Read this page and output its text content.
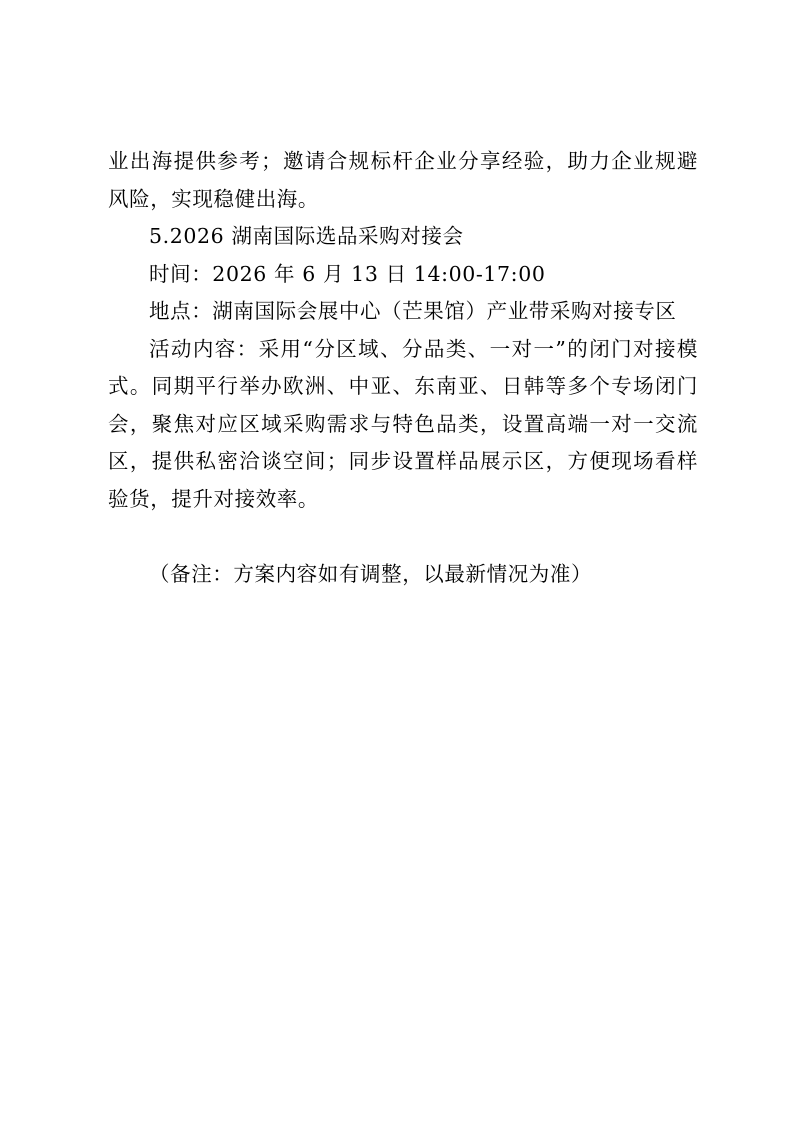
业出海提供参考；邀请合规标杆企业分享经验，助力企业规避风险，实现稳健出海。

5.2026 湖南国际选品采购对接会

时间：2026 年 6 月 13 日 14:00-17:00

地点：湖南国际会展中心（芒果馆）产业带采购对接专区

活动内容：采用“分区域、分品类、一对一”的闭门对接模式。同期平行举办欧洲、中亚、东南亚、日韩等多个专场闭门会，聚焦对应区域采购需求与特色品类，设置高端一对一交流区，提供私密洽谈空间；同步设置样品展示区，方便现场看样验货，提升对接效率。

（备注：方案内容如有调整，以最新情况为准）
